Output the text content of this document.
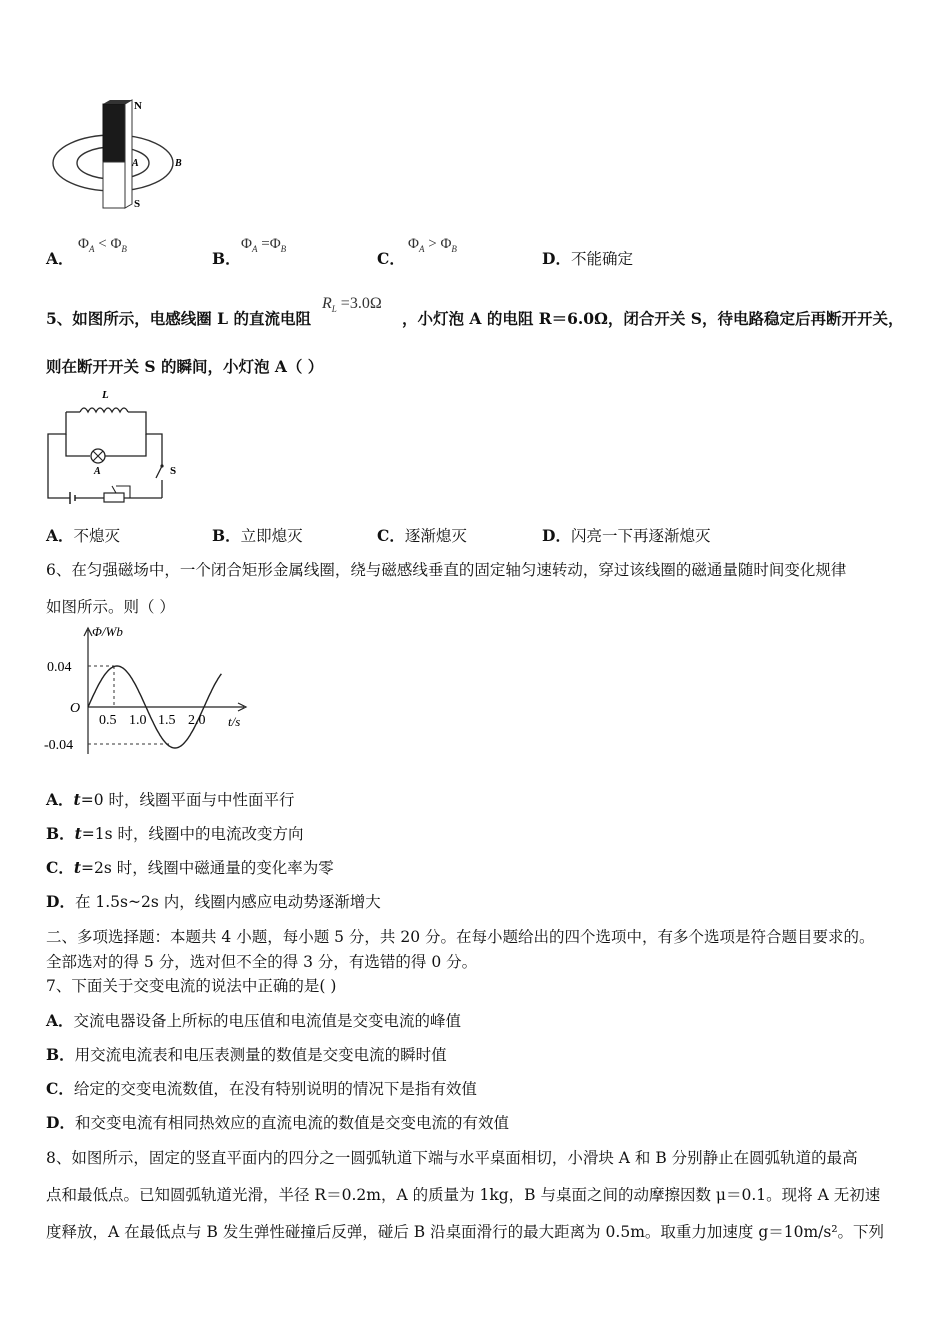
N
A	B
S
A．
$\Phi_A < \Phi_B$	B．
$\Phi_A =\Phi_B$	C．
$\Phi_A > \Phi_B$	D．不能确定
5、如图所示，电感线圈 L 的直流电阻
$R_L =3.0\Omega$
，小灯泡 A 的电阻 R＝6.0Ω，闭合开关 S，待电路稳定后再断开开关，
则在断开开关 S 的瞬间，小灯泡 A（ ）
L
A	S
A．不熄灭	B．立即熄灭	C．逐渐熄灭	D．闪亮一下再逐渐熄灭
6、在匀强磁场中，一个闭合矩形金属线圈，绕与磁感线垂直的固定轴匀速转动，穿过该线圈的磁通量随时间变化规律
如图所示。则（ ）
Φ/Wb
t/s
O
0.04
-0.04
0.5 1.0 1.5 2.0
A．t=0 时，线圈平面与中性面平行
B．t=1s 时，线圈中的电流改变方向
C．t=2s 时，线圈中磁通量的变化率为零
D．在 1.5s~2s 内，线圈内感应电动势逐渐增大
二、多项选择题：本题共 4 小题，每小题 5 分，共 20 分。在每小题给出的四个选项中，有多个选项是符合题目要求的。
全部选对的得 5 分，选对但不全的得 3 分，有选错的得 0 分。
7、下面关于交变电流的说法中正确的是( )
A．交流电器设备上所标的电压值和电流值是交变电流的峰值
B．用交流电流表和电压表测量的数值是交变电流的瞬时值
C．给定的交变电流数值，在没有特别说明的情况下是指有效值
D．和交变电流有相同热效应的直流电流的数值是交变电流的有效值
8、如图所示，固定的竖直平面内的四分之一圆弧轨道下端与水平桌面相切，小滑块 A 和 B 分别静止在圆弧轨道的最高
点和最低点。已知圆弧轨道光滑，半径 R＝0.2m，A 的质量为 1kg，B 与桌面之间的动摩擦因数 μ＝0.1。现将 A 无初速
度释放，A 在最低点与 B 发生弹性碰撞后反弹，碰后 B 沿桌面滑行的最大距离为 0.5m。取重力加速度 g＝10m/s²。下列
